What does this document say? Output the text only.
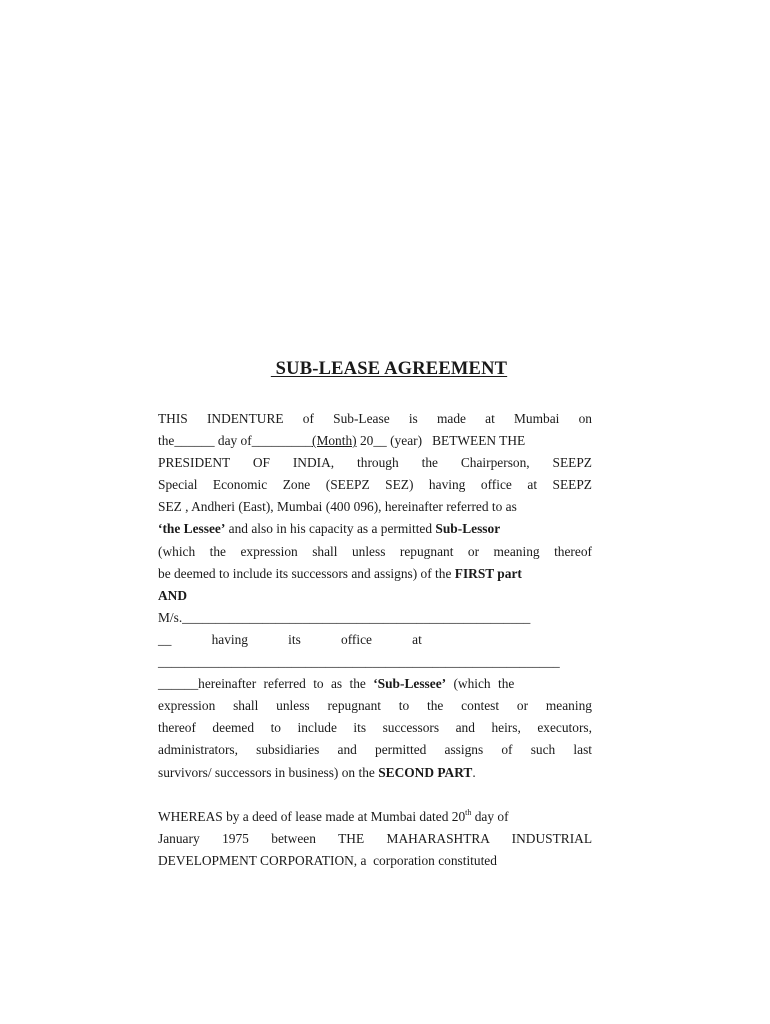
SUB-LEASE AGREEMENT
THIS INDENTURE of Sub-Lease is made at Mumbai on
the______ day of_________(Month) 20__ (year)   BETWEEN THE
PRESIDENT OF INDIA, through the Chairperson, SEEPZ
Special Economic Zone (SEEPZ SEZ) having office at SEEPZ
SEZ , Andheri (East), Mumbai (400 096), hereinafter referred to as
‘the Lessee’ and also in his capacity as a permitted Sub-Lessor
(which the expression shall unless repugnant or meaning thereof
be deemed to include its successors and assigns) of the FIRST part
AND
M/s.____________________________________________________
__            having            its            office            at
____________________________________________________________
______hereinafter referred to as the ‘Sub-Lessee’ (which the
expression shall unless repugnant to the contest or meaning
thereof deemed to include its successors and heirs, executors,
administrators, subsidiaries and permitted assigns of such last
survivors/ successors in business) on the SECOND PART.
WHEREAS by a deed of lease made at Mumbai dated 20th day of
January 1975 between THE MAHARASHTRA INDUSTRIAL
DEVELOPMENT CORPORATION, a  corporation constituted
